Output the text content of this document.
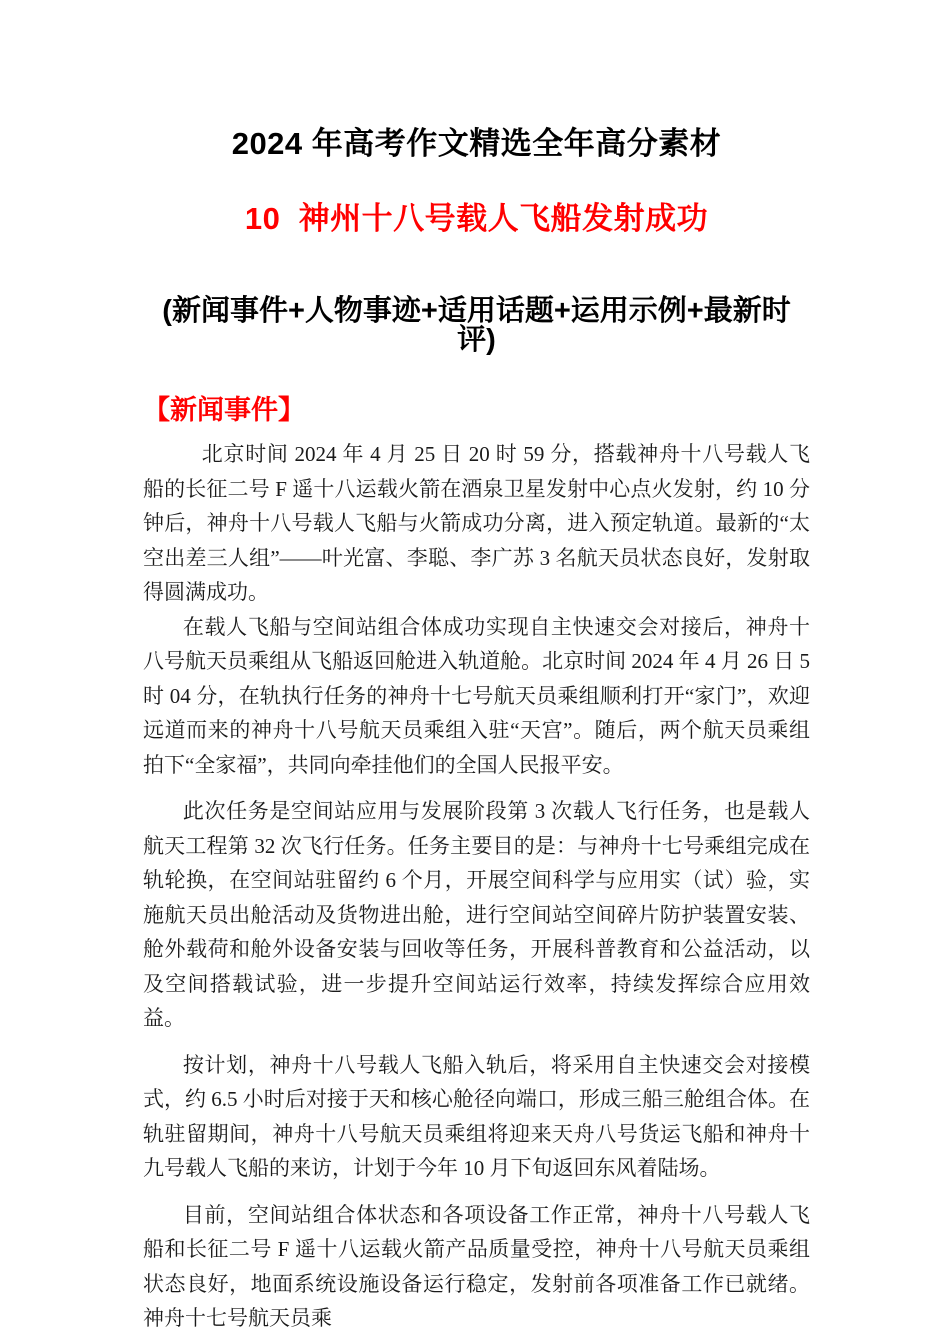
2024 年高考作文精选全年高分素材
10  神州十八号载人飞船发射成功
(新闻事件+人物事迹+适用话题+运用示例+最新时评)
【新闻事件】

北京时间 2024 年 4 月 25 日 20 时 59 分，搭载神舟十八号载人飞船的长征二号 F 遥十八运载火箭在酒泉卫星发射中心点火发射，约 10 分钟后，神舟十八号载人飞船与火箭成功分离，进入预定轨道。最新的“太空出差三人组”——叶光富、李聪、李广苏 3 名航天员状态良好，发射取得圆满成功。

在载人飞船与空间站组合体成功实现自主快速交会对接后，神舟十八号航天员乘组从飞船返回舱进入轨道舱。北京时间 2024 年 4 月 26 日 5 时 04 分，在轨执行任务的神舟十七号航天员乘组顺利打开“家门”，欢迎远道而来的神舟十八号航天员乘组入驻“天宫”。随后，两个航天员乘组拍下“全家福”，共同向牵挂他们的全国人民报平安。

此次任务是空间站应用与发展阶段第 3 次载人飞行任务，也是载人航天工程第 32 次飞行任务。任务主要目的是：与神舟十七号乘组完成在轨轮换，在空间站驻留约 6 个月，开展空间科学与应用实（试）验，实施航天员出舱活动及货物进出舱，进行空间站空间碎片防护装置安装、舱外载荷和舱外设备安装与回收等任务，开展科普教育和公益活动，以及空间搭载试验，进一步提升空间站运行效率，持续发挥综合应用效益。

按计划，神舟十八号载人飞船入轨后，将采用自主快速交会对接模式，约 6.5 小时后对接于天和核心舱径向端口，形成三船三舱组合体。在轨驻留期间，神舟十八号航天员乘组将迎来天舟八号货运飞船和神舟十九号载人飞船的来访，计划于今年 10 月下旬返回东风着陆场。

目前，空间站组合体状态和各项设备工作正常，神舟十八号载人飞船和长征二号 F 遥十八运载火箭产品质量受控，神舟十八号航天员乘组状态良好，地面系统设施设备运行稳定，发射前各项准备工作已就绪。神舟十七号航天员乘
